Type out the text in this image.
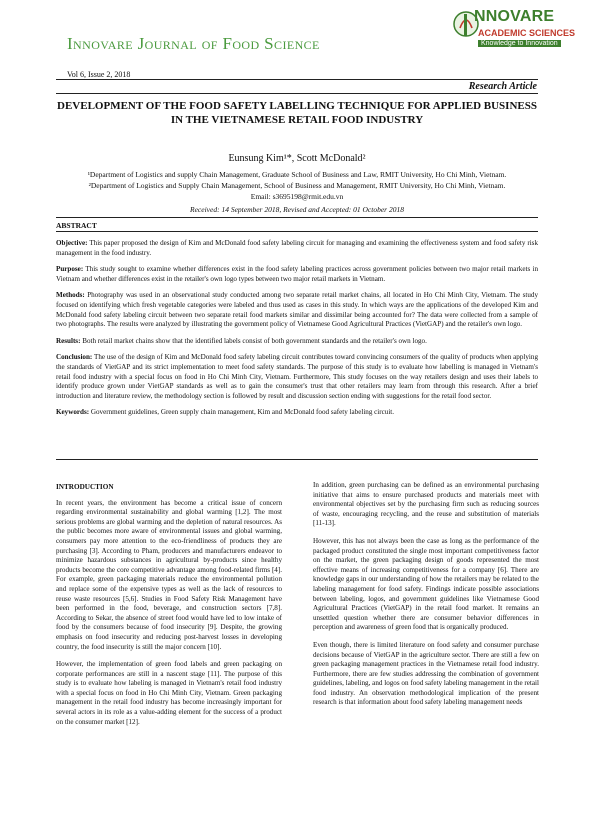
Innovare Journal of Food Science
NNOVARE
ACADEMIC SCIENCES
Knowledge to Innovation
Vol 6, Issue 2, 2018
Research Article
DEVELOPMENT OF THE FOOD SAFETY LABELLING TECHNIQUE FOR APPLIED BUSINESS IN THE VIETNAMESE RETAIL FOOD INDUSTRY
Eunsung Kim¹*, Scott McDonald²
¹Department of Logistics and supply Chain Management, Graduate School of Business and Law, RMIT University, Ho Chi Minh, Vietnam.
²Department of Logistics and Supply Chain Management, School of Business and Management, RMIT University, Ho Chi Minh, Vietnam.
Email: s3695198@rmit.edu.vn
Received: 14 September 2018, Revised and Accepted: 01 October 2018
ABSTRACT

Objective: This paper proposed the design of Kim and McDonald food safety labeling circuit for managing and examining the effectiveness system and food safety risk management in the food industry.

Purpose: This study sought to examine whether differences exist in the food safety labeling practices across government policies between two major retail markets in Vietnam and whether differences exist in the retailer's own logo types between two major retail markets in Vietnam.

Methods: Photography was used in an observational study conducted among two separate retail market chains, all located in Ho Chi Minh City, Vietnam. The study focused on identifying which fresh vegetable categories were labeled and thus used as cases in this study. In which ways are the applications of the developed Kim and McDonald food safety labeling circuit between two separate retail food markets similar and dissimilar being accounted for? The data were collected from a sample of two photographs. The results were analyzed by illustrating the government policy of Vietnamese Good Agricultural Practices (VietGAP) and the retailer's own logo.

Results: Both retail market chains show that the identified labels consist of both government standards and the retailer's own logo.

Conclusion: The use of the design of Kim and McDonald food safety labeling circuit contributes toward convincing consumers of the quality of products when applying the standards of VietGAP and its strict implementation to meet food safety standards. The purpose of this study is to evaluate how labelling is managed in Vietnam's retail food industry with a special focus on food in Ho Chi Minh City, Vietnam. Furthermore, This study focuses on the way retailers design and uses their labels to identify produce grown under VietGAP standards as well as to gain the consumer's trust that other retailers may learn from through this research. After a brief introduction and literature review, the methodology section is followed by result and discussion section ending with suggestions for the retail food sector.

Keywords: Government guidelines, Green supply chain management, Kim and McDonald food safety labeling circuit.

INTRODUCTION

In recent years, the environment has become a critical issue of concern regarding environmental sustainability and global warming [1,2]. The most serious problems are global warming and the depletion of natural resources. As the public becomes more aware of environmental issues and global warming, consumers pay more attention to the eco-friendliness of products they are purchasing [3]. According to Pham, producers and manufacturers endeavor to minimize hazardous substances in agricultural by-products since healthy products become the core competitive advantage among food-related firms [4]. For example, green packaging materials reduce the environmental pollution and replace some of the expensive types as well as the lack of resources to reuse waste resources [5,6]. Studies in Food Safety Risk Management have been performed in the food, beverage, and construction sectors [7,8]. According to Sekar, the absence of street food would have led to low intake of food by the consumers because of food insecurity [9]. Despite, the growing emphasis on food insecurity and reducing post-harvest losses in developing country, the food insecurity is still the major concern [10].

However, the implementation of green food labels and green packaging on corporate performances are still in a nascent stage [11]. The purpose of this study is to evaluate how labeling is managed in Vietnam's retail food industry with a special focus on food in Ho Chi Minh City, Vietnam. Green packaging management in the retail food industry has become increasingly important for several actors in its role as a value-adding element for the success of a product on the consumer market [12].

In addition, green purchasing can be defined as an environmental purchasing initiative that aims to ensure purchased products and materials meet with environmental objectives set by the purchasing firm such as reducing sources of waste, encouraging recycling, and the reuse and substitution of materials [11-13].

However, this has not always been the case as long as the performance of the packaged product constituted the single most important competitiveness factor on the market, the green packaging design of goods represented the most effective means of increasing competitiveness for a company [6]. There are knowledge gaps in our understanding of how the retailers may be related to the labeling management for food safety. Findings indicate possible associations between labeling, logos, and government guidelines like Vietnamese Good Agricultural Practices (VietGAP) in the retail food market. It remains an unsettled question whether there are consumer behavior differences in perception and awareness of green food that is organically produced.

Even though, there is limited literature on food safety and consumer purchase decisions because of VietGAP in the agriculture sector. There are still a few on green packaging management practices in the Vietnamese retail food industry. Furthermore, there are few studies addressing the combination of government guidelines, labeling, and logos on food safety labeling management in the retail food industry. An observation methodological implication of the present research is that information about food safety labeling management needs
